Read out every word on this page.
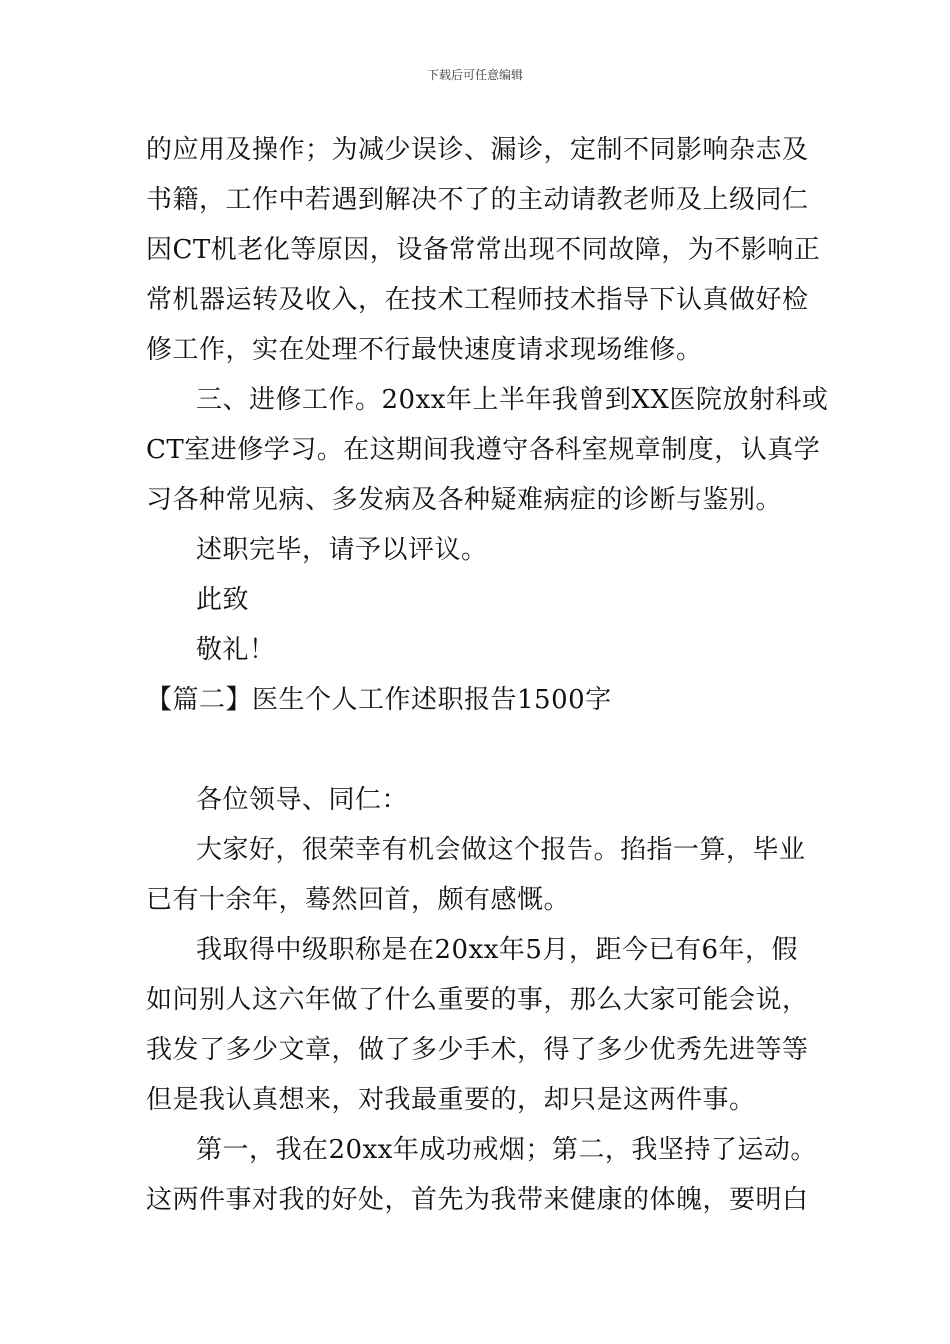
下载后可任意编辑
的应用及操作；为减少误诊、漏诊，定制不同影响杂志及
书籍，工作中若遇到解决不了的主动请教老师及上级同仁
因CT机老化等原因，设备常常出现不同故障，为不影响正
常机器运转及收入，在技术工程师技术指导下认真做好检
修工作，实在处理不行最快速度请求现场维修。
三、进修工作。20xx年上半年我曾到XX医院放射科或
CT室进修学习。在这期间我遵守各科室规章制度，认真学
习各种常见病、多发病及各种疑难病症的诊断与鉴别。
述职完毕，请予以评议。
此致
敬礼！
【篇二】医生个人工作述职报告1500字
各位领导、同仁：
大家好，很荣幸有机会做这个报告。掐指一算，毕业
已有十余年，蓦然回首，颇有感慨。
我取得中级职称是在20xx年5月，距今已有6年，假
如问别人这六年做了什么重要的事，那么大家可能会说，
我发了多少文章，做了多少手术，得了多少优秀先进等等
但是我认真想来，对我最重要的，却只是这两件事。
第一，我在20xx年成功戒烟；第二，我坚持了运动。
这两件事对我的好处，首先为我带来健康的体魄，要明白
